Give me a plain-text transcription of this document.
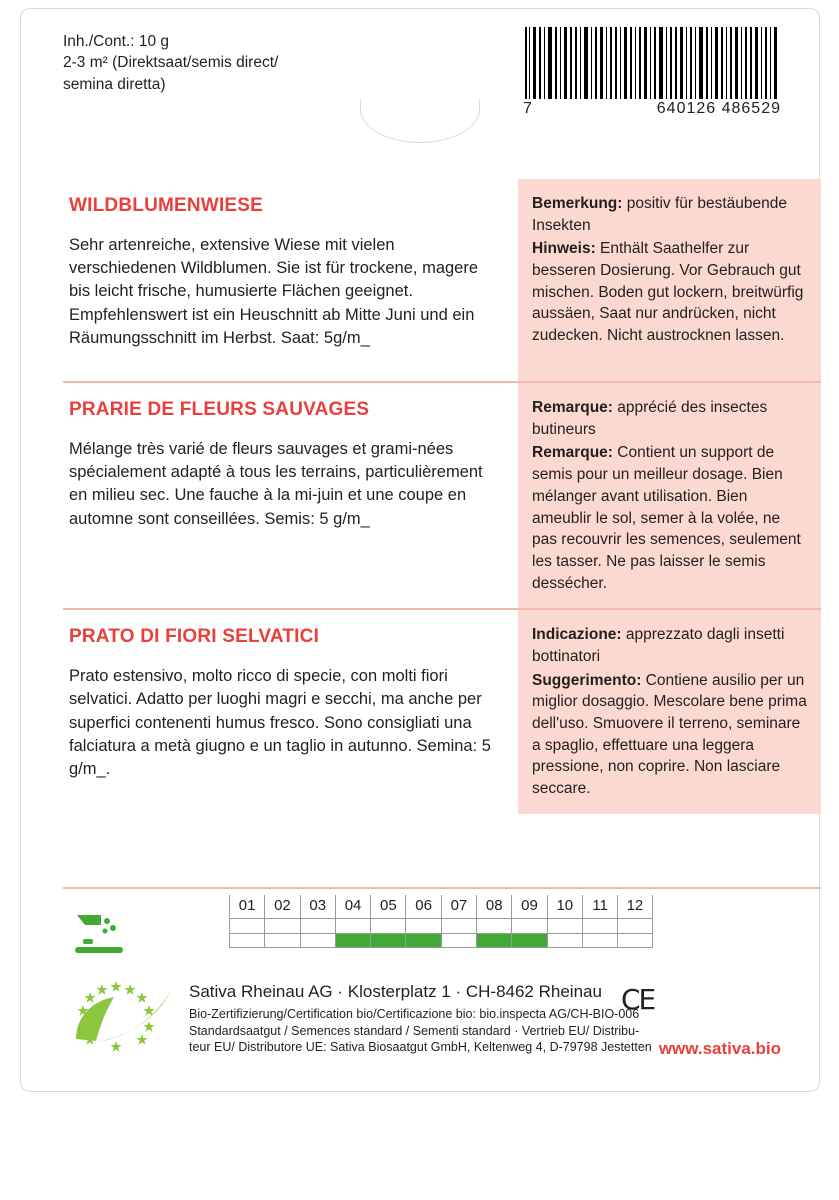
Inh./Cont.: 10 g
2-3 m² (Direktsaat/semis direct/
semina diretta)
7	640126 486529

WILDBLUMENWIESE

Sehr artenreiche, extensive Wiese mit vielen verschiedenen Wildblumen. Sie ist für trockene, magere bis leicht frische, humusierte Flächen geeignet. Empfehlenswert ist ein Heuschnitt ab Mitte Juni und ein Räumungsschnitt im Herbst. Saat: 5g/m_

Bemerkung: positiv für bestäubende Insekten
Hinweis: Enthält Saathelfer zur besseren Dosierung. Vor Gebrauch gut mischen. Boden gut lockern, breitwürfig aussäen, Saat nur andrücken, nicht zudecken. Nicht austrocknen lassen.

PRARIE DE FLEURS SAUVAGES

Mélange très varié de fleurs sauvages et grami-nées spécialement adapté à tous les terrains, particulièrement en milieu sec. Une fauche à la mi-juin et une coupe en automne sont conseillées. Semis: 5 g/m_

Remarque: apprécié des insectes butineurs
Remarque: Contient un support de semis pour un meilleur dosage. Bien mélanger avant utilisation. Bien ameublir le sol, semer à la volée, ne pas recouvrir les semences, seulement les tasser. Ne pas laisser le semis dessécher.

PRATO DI FIORI SELVATICI

Prato estensivo, molto ricco di specie, con molti fiori selvatici. Adatto per luoghi magri e secchi, ma anche per superfici contenenti humus fresco. Sono consigliati una falciatura a metà giugno e un taglio in autunno. Semina: 5 g/m_.

Indicazione: apprezzato dagli insetti bottinatori
Suggerimento: Contiene ausilio per un miglior dosaggio. Mescolare bene prima dell'uso. Smuovere il terreno, seminare a spaglio, effettuare una leggera pressione, non coprire. Non lasciare seccare.
01	02	03	04	05	06	07	08	09	10	11	12
Sativa Rheinau AG · Klosterplatz 1 · CH-8462 Rheinau
Bio-Zertifizierung/Certification bio/Certificazione bio: bio.inspecta AG/CH-BIO-006
Standardsaatgut / Semences standard / Sementi standard · Vertrieb EU/ Distribu-
teur EU/ Distributore UE: Sativa Biosaatgut GmbH, Keltenweg 4, D-79798 Jestetten
CΕ
www.sativa.bio
